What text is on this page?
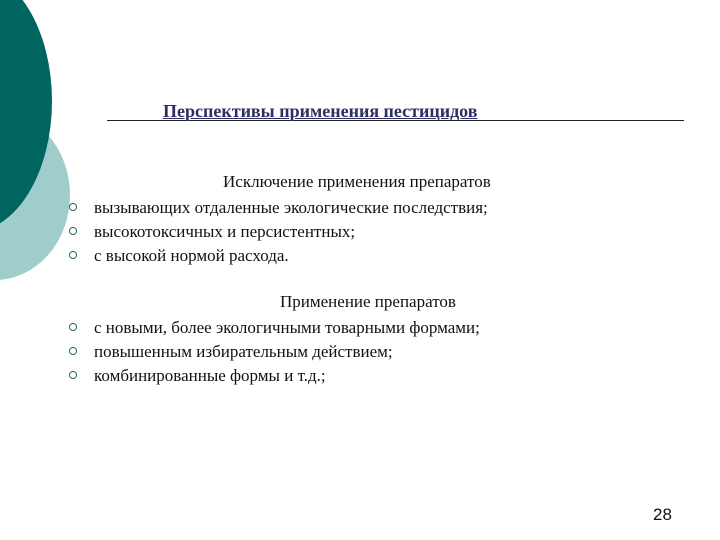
Перспективы применения пестицидов

Исключение применения препаратов

вызывающих отдаленные экологические последствия;
высокотоксичных и персистентных;
с высокой нормой расхода.

Применение препаратов

с новыми, более экологичными товарными формами;
повышенным избирательным действием;
комбинированные формы и т.д.;
28
